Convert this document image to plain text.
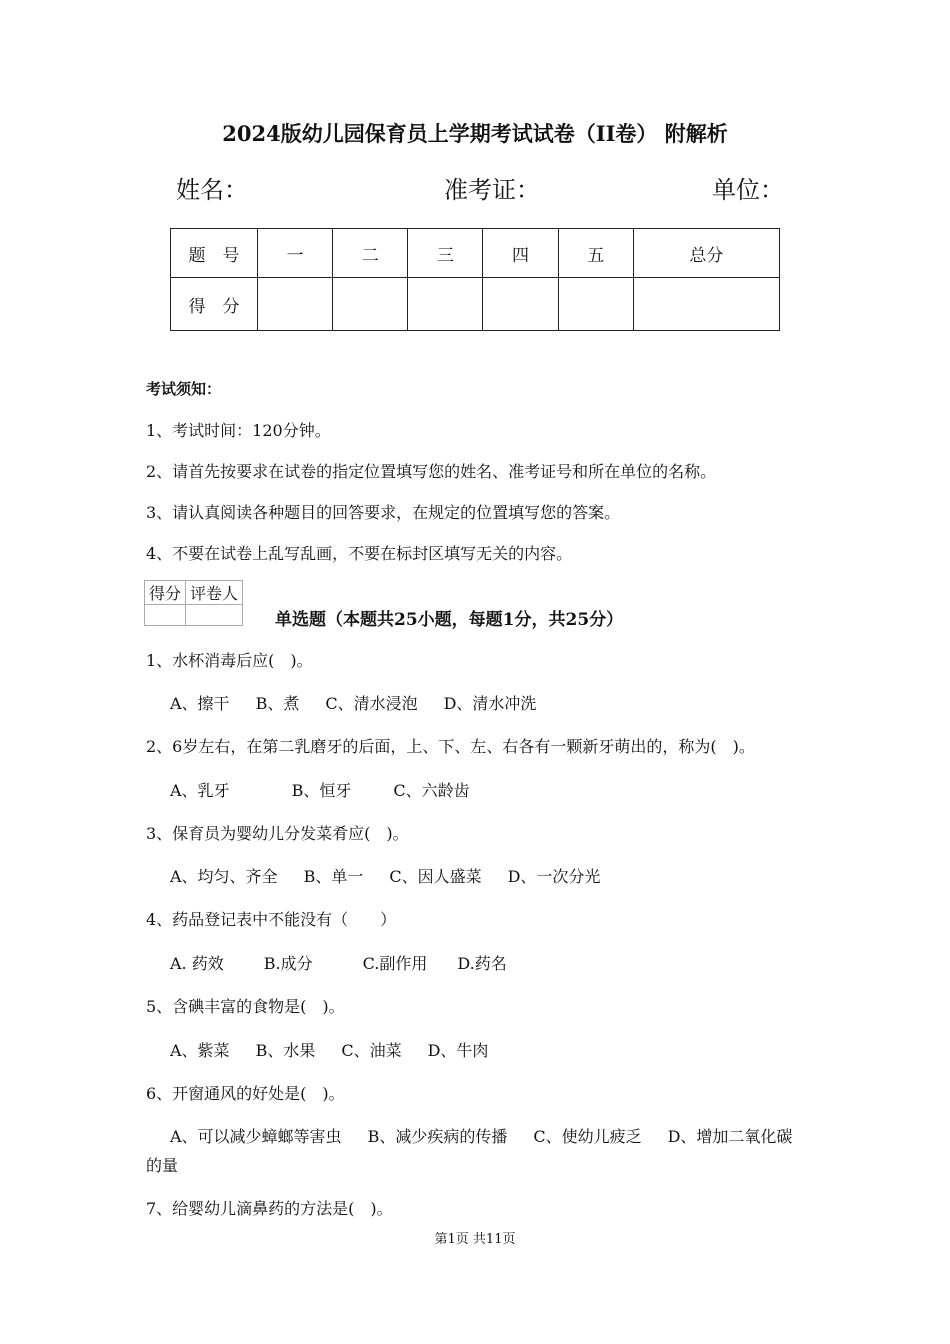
2024版幼儿园保育员上学期考试试卷（II卷） 附解析
姓名：	准考证：	单位：
题　号	一	二	三	四	五	总分
得　分						
考试须知：
1、考试时间：120分钟。
2、请首先按要求在试卷的指定位置填写您的姓名、准考证号和所在单位的名称。
3、请认真阅读各种题目的回答要求，在规定的位置填写您的答案。
4、不要在试卷上乱写乱画，不要在标封区填写无关的内容。
得分	评卷人

单选题（本题共25小题，每题1分，共25分）
1、水杯消毒后应(　)。
A、擦干 B、煮 C、清水浸泡 D、清水冲洗
2、6岁左右，在第二乳磨牙的后面，上、下、左、右各有一颗新牙萌出的，称为(　)。
A、乳牙	B、恒牙	C、六龄齿
3、保育员为婴幼儿分发菜肴应(　)。
A、均匀、齐全 B、单一 C、因人盛菜 D、一次分光
4、药品登记表中不能没有（　　）
A. 药效	B.成分	C.副作用 D.药名
5、含碘丰富的食物是(　)。
A、紫菜 B、水果 C、油菜 D、牛肉
6、开窗通风的好处是(　)。
A、可以减少蟑螂等害虫 B、减少疾病的传播 C、使幼儿疲乏 D、增加二氧化碳
的量
7、给婴幼儿滴鼻药的方法是(　)。
第1页 共11页
